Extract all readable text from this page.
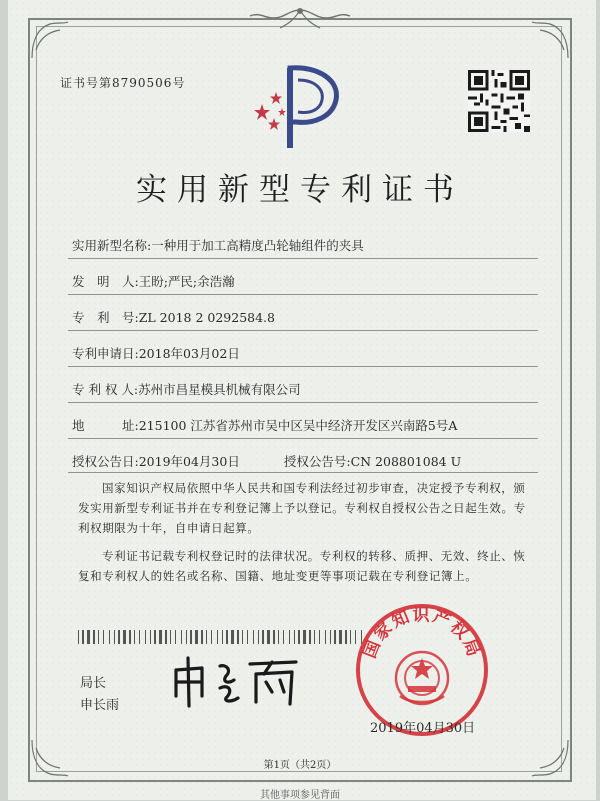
证书号第8790506号
实用新型专利证书
实用新型名称:一种用于加工高精度凸轮轴组件的夹具
发　明　人:王盼;严民;余浩瀚
专　利　号:ZL 2018 2 0292584.8
专利申请日:2018年03月02日
专 利 权 人:苏州市昌星模具机械有限公司
地　　　址:215100 江苏省苏州市吴中区吴中经济开发区兴南路5号A
授权公告日:2019年04月30日	授权公告号:CN 208801084 U
国家知识产权局依照中华人民共和国专利法经过初步审查，决定授予专利权，颁发实用新型专利证书并在专利登记簿上予以登记。专利权自授权公告之日起生效。专利权期限为十年，自申请日起算。
专利证书记载专利权登记时的法律状况。专利权的转移、质押、无效、终止、恢复和专利权人的姓名或名称、国籍、地址变更等事项记载在专利登记簿上。
局长
申长雨
国家知识产权局
2019年04月30日
第1页（共2页）
其他事项参见背面
